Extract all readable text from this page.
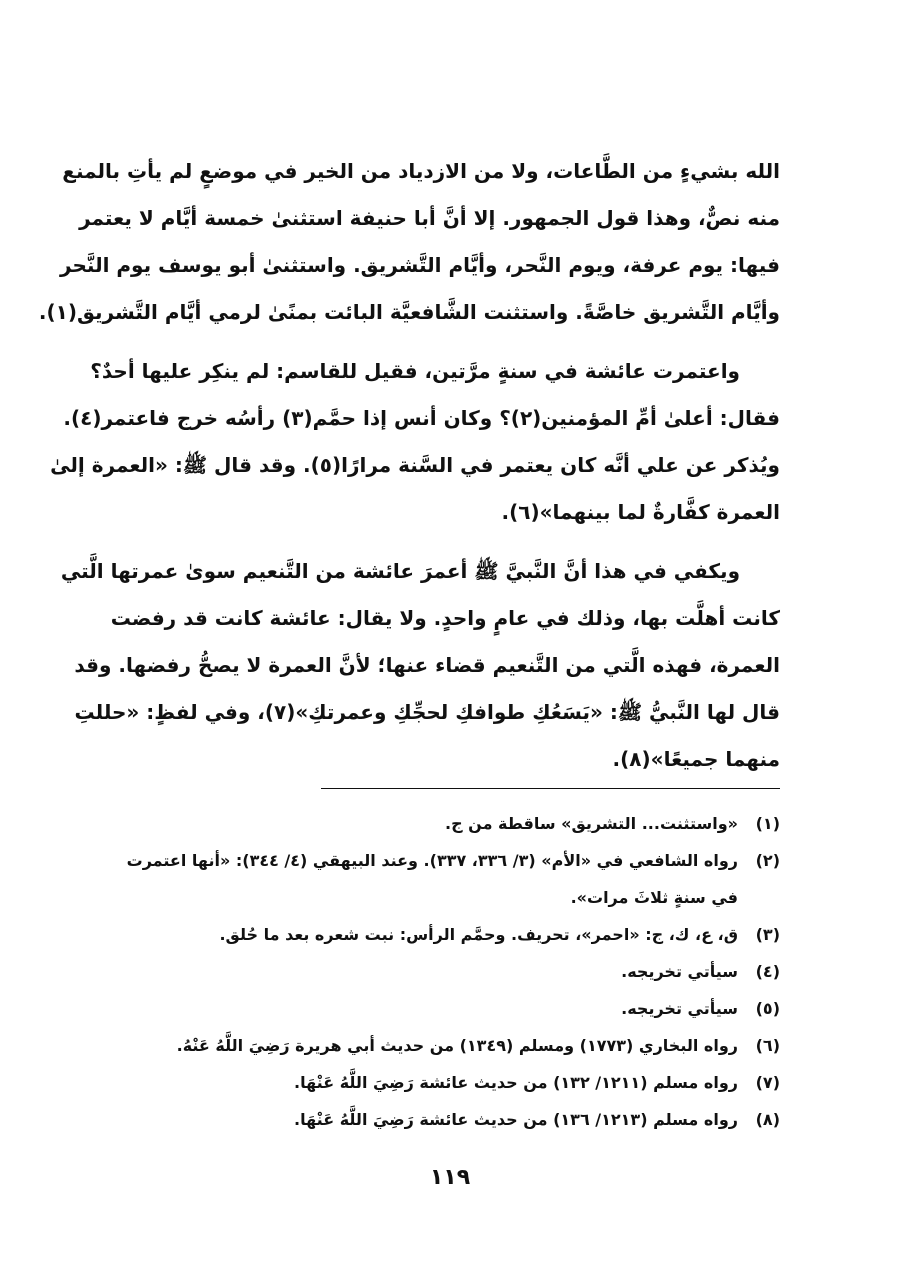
الله بشيءٍ من الطَّاعات، ولا من الازدياد من الخير في موضعٍ لم يأتِ بالمنع
منه نصٌّ، وهذا قول الجمهور. إلا أنَّ أبا حنيفة استثنىٰ خمسة أيَّام لا يعتمر
فيها: يوم عرفة، ويوم النَّحر، وأيَّام التَّشريق. واستثنىٰ أبو يوسف يوم النَّحر
وأيَّام التَّشريق خاصَّةً. واستثنت الشَّافعيَّة البائت بمنًىٰ لرمي أيَّام التَّشريق(١).

واعتمرت عائشة في سنةٍ مرَّتين، فقيل للقاسم: لم ينكِر عليها أحدٌ؟
فقال: أعلىٰ أمِّ المؤمنين(٢)؟ وكان أنس إذا حمَّم(٣) رأسُه خرج فاعتمر(٤).
ويُذكر عن علي أنَّه كان يعتمر في السَّنة مرارًا(٥). وقد قال ﷺ: «العمرة إلىٰ
العمرة كفَّارةٌ لما بينهما»(٦).

ويكفي في هذا أنَّ النَّبيَّ ﷺ أعمرَ عائشة من التَّنعيم سوىٰ عمرتها الَّتي
كانت أهلَّت بها، وذلك في عامٍ واحدٍ. ولا يقال: عائشة كانت قد رفضت
العمرة، فهذه الَّتي من التَّنعيم قضاء عنها؛ لأنَّ العمرة لا يصحُّ رفضها. وقد
قال لها النَّبيُّ ﷺ: «يَسَعُكِ طوافكِ لحجِّكِ وعمرتكِ»(٧)، وفي لفظٍ: «حللتِ
منهما جميعًا»(٨).

(١)
«واستثنت... التشريق» ساقطة من ج.
(٢)
رواه الشافعي في «الأم» (٣/ ٣٣٦، ٣٣٧). وعند البيهقي (٤/ ٣٤٤): «أنها اعتمرت في سنةٍ ثلاثَ مرات».
(٣)
ق، ع، ك، ج: «احمر»، تحريف. وحمَّم الرأس: نبت شعره بعد ما حُلق.
(٤)
سيأتي تخريجه.
(٥)
سيأتي تخريجه.
(٦)
رواه البخاري (١٧٧٣) ومسلم (١٣٤٩) من حديث أبي هريرة رَضِيَ اللَّهُ عَنْهُ.
(٧)
رواه مسلم (١٢١١/ ١٣٢) من حديث عائشة رَضِيَ اللَّهُ عَنْهَا.
(٨)
رواه مسلم (١٢١٣/ ١٣٦) من حديث عائشة رَضِيَ اللَّهُ عَنْهَا.
١١٩
